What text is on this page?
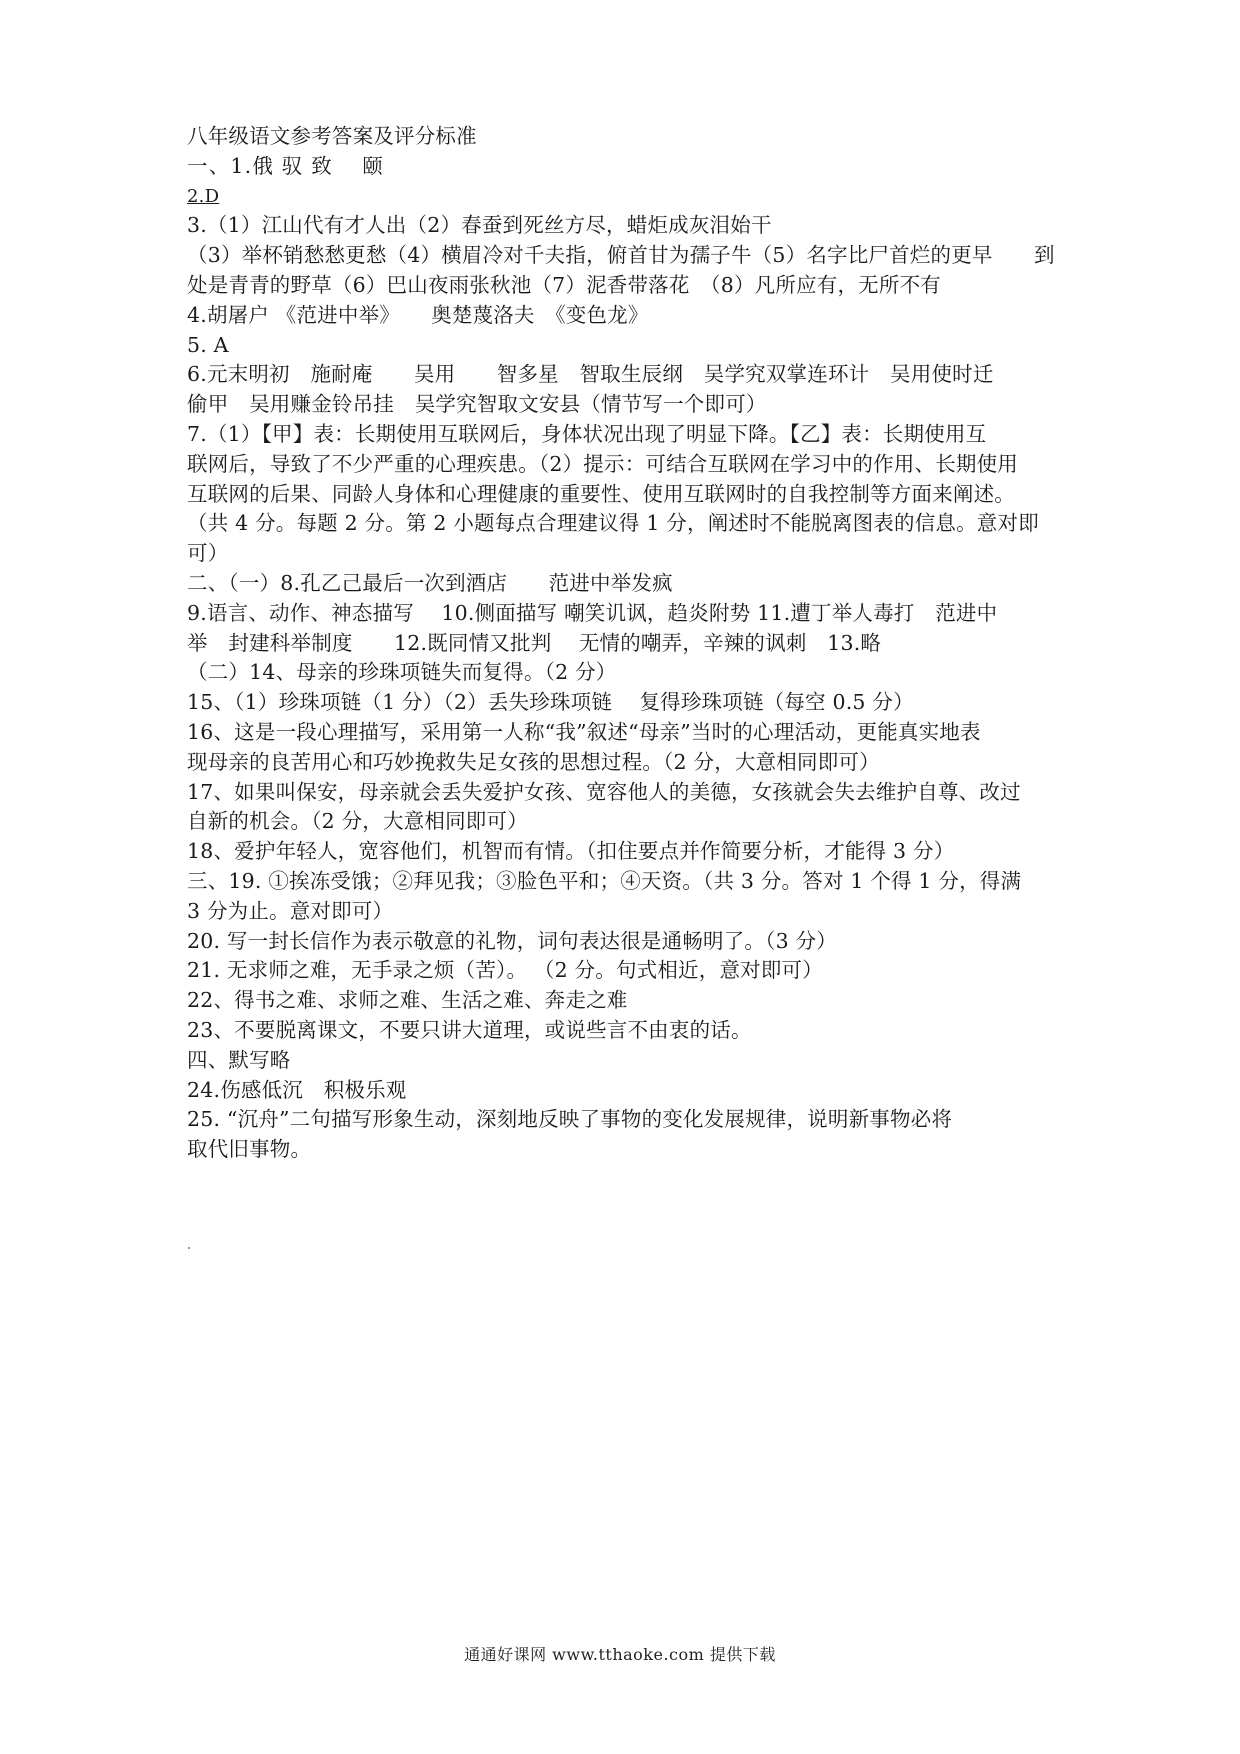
八年级语文参考答案及评分标准
一、1.俄 驭 致 　颐
2.D
3.（1）江山代有才人出（2）春蚕到死丝方尽，蜡炬成灰泪始干
（3）举杯销愁愁更愁（4）横眉冷对千夫指，俯首甘为孺子牛（5）名字比尸首烂的更早　　到
处是青青的野草（6）巴山夜雨张秋池（7）泥香带落花　（8）凡所应有，无所不有
4.胡屠户 《范进中举》　　奥楚蔑洛夫　《变色龙》
5. A
6.元末明初　施耐庵　　吴用　　智多星　智取生辰纲　吴学究双掌连环计　吴用使时迁
偷甲　吴用赚金铃吊挂　吴学究智取文安县（情节写一个即可）
7.（1）【甲】表：长期使用互联网后，身体状况出现了明显下降。【乙】表：长期使用互
联网后，导致了不少严重的心理疾患。（2）提示：可结合互联网在学习中的作用、长期使用
互联网的后果、同龄人身体和心理健康的重要性、使用互联网时的自我控制等方面来阐述。
（共 4 分。每题 2 分。第 2 小题每点合理建议得 1 分，阐述时不能脱离图表的信息。意对即
可）
二、（一）8.孔乙己最后一次到酒店　　范进中举发疯
9.语言、动作、神态描写　 10.侧面描写 嘲笑讥讽，趋炎附势 11.遭丁举人毒打　范进中
举　封建科举制度　　12.既同情又批判　 无情的嘲弄，辛辣的讽刺　13.略
（二）14、母亲的珍珠项链失而复得。（2 分）
15、（1）珍珠项链（1 分）（2）丢失珍珠项链　 复得珍珠项链（每空 0.5 分）
16、这是一段心理描写，采用第一人称“我”叙述“母亲”当时的心理活动，更能真实地表
现母亲的良苦用心和巧妙挽救失足女孩的思想过程。（2 分，大意相同即可）
17、如果叫保安，母亲就会丢失爱护女孩、宽容他人的美德，女孩就会失去维护自尊、改过
自新的机会。（2 分，大意相同即可）
18、爱护年轻人，宽容他们，机智而有情。（扣住要点并作简要分析，才能得 3 分）
三、19. ①挨冻受饿；②拜见我；③脸色平和；④天资。（共 3 分。答对 1 个得 1 分，得满
3 分为止。意对即可）
20. 写一封长信作为表示敬意的礼物，词句表达很是通畅明了。（3 分）
21. 无求师之难，无手录之烦（苦）。 （2 分。句式相近，意对即可）
22、得书之难、求师之难、生活之难、奔走之难
23、不要脱离课文，不要只讲大道理，或说些言不由衷的话。
四、默写略
24.伤感低沉　积极乐观
25. “沉舟”二句描写形象生动，深刻地反映了事物的变化发展规律，说明新事物必将
取代旧事物。
通通好课网 www.tthaoke.com 提供下载
